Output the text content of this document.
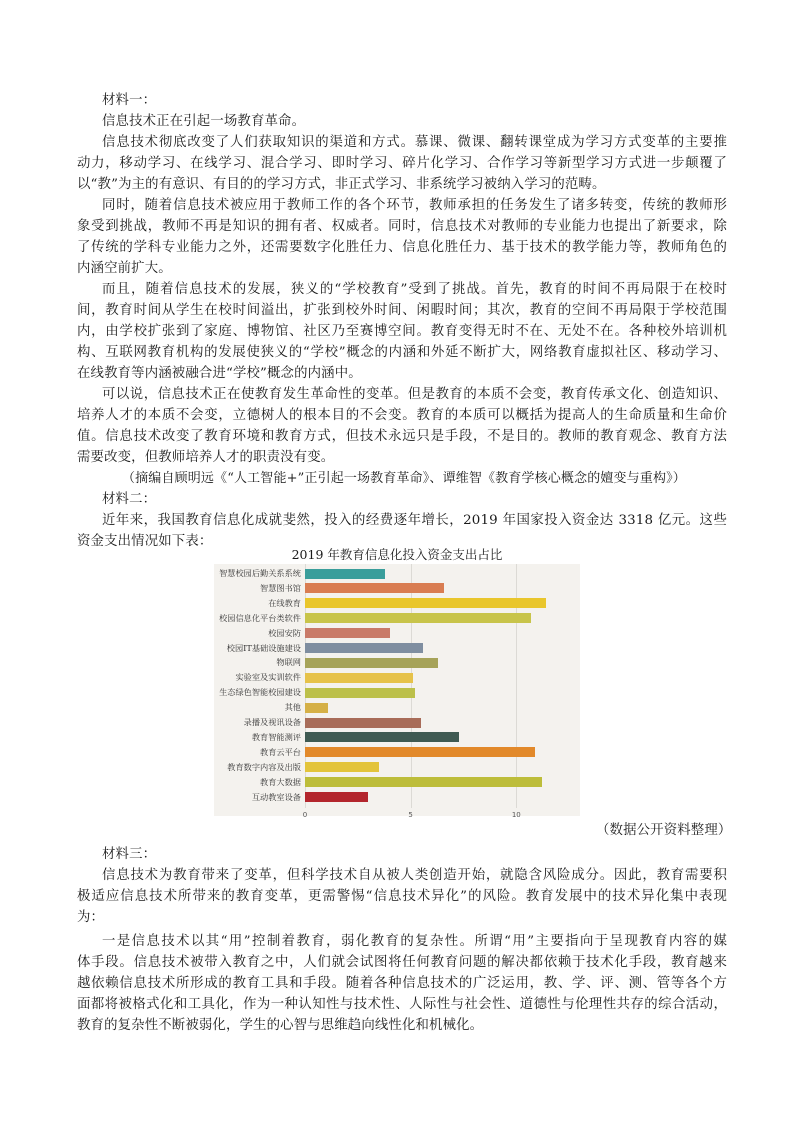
材料一：
信息技术正在引起一场教育革命。
信息技术彻底改变了人们获取知识的渠道和方式。慕课、微课、翻转课堂成为学习方式变革的主要推
动力，移动学习、在线学习、混合学习、即时学习、碎片化学习、合作学习等新型学习方式进一步颠覆了
以“教”为主的有意识、有目的的学习方式，非正式学习、非系统学习被纳入学习的范畴。
同时，随着信息技术被应用于教师工作的各个环节，教师承担的任务发生了诸多转变，传统的教师形
象受到挑战，教师不再是知识的拥有者、权威者。同时，信息技术对教师的专业能力也提出了新要求，除
了传统的学科专业能力之外，还需要数字化胜任力、信息化胜任力、基于技术的教学能力等，教师角色的
内涵空前扩大。
而且，随着信息技术的发展，狭义的“学校教育”受到了挑战。首先，教育的时间不再局限于在校时
间，教育时间从学生在校时间溢出，扩张到校外时间、闲暇时间；其次，教育的空间不再局限于学校范围
内，由学校扩张到了家庭、博物馆、社区乃至赛博空间。教育变得无时不在、无处不在。各种校外培训机
构、互联网教育机构的发展使狭义的“学校”概念的内涵和外延不断扩大，网络教育虚拟社区、移动学习、
在线教育等内涵被融合进“学校”概念的内涵中。
可以说，信息技术正在使教育发生革命性的变革。但是教育的本质不会变，教育传承文化、创造知识、
培养人才的本质不会变，立德树人的根本目的不会变。教育的本质可以概括为提高人的生命质量和生命价
值。信息技术改变了教育环境和教育方式，但技术永远只是手段，不是目的。教师的教育观念、教育方法
需要改变，但教师培养人才的职责没有变。
（摘编自顾明远《“人工智能+”正引起一场教育革命》、谭维智《教育学核心概念的嬗变与重构》）
材料二：
近年来，我国教育信息化成就斐然，投入的经费逐年增长，2019 年国家投入资金达 3318 亿元。这些
资金支出情况如下表：
2019 年教育信息化投入资金支出占比
0	5	10
智慧校园后勤关系系统
智慧图书馆
在线教育
校园信息化平台类软件
校园安防
校园IT基础设施建设
物联网
实验室及实训软件
生态绿色智能校园建设
其他
录播及视讯设备
教育智能测评
教育云平台
教育数字内容及出版
教育大数据
互动教室设备
（数据公开资料整理）
材料三：
信息技术为教育带来了变革，但科学技术自从被人类创造开始，就隐含风险成分。因此，教育需要积
极适应信息技术所带来的教育变革，更需警惕“信息技术异化”的风险。教育发展中的技术异化集中表现
为：
一是信息技术以其“用”控制着教育，弱化教育的复杂性。所谓“用”主要指向于呈现教育内容的媒
体手段。信息技术被带入教育之中，人们就会试图将任何教育问题的解决都依赖于技术化手段，教育越来
越依赖信息技术所形成的教育工具和手段。随着各种信息技术的广泛运用，教、学、评、测、管等各个方
面都将被格式化和工具化，作为一种认知性与技术性、人际性与社会性、道德性与伦理性共存的综合活动，
教育的复杂性不断被弱化，学生的心智与思维趋向线性化和机械化。
